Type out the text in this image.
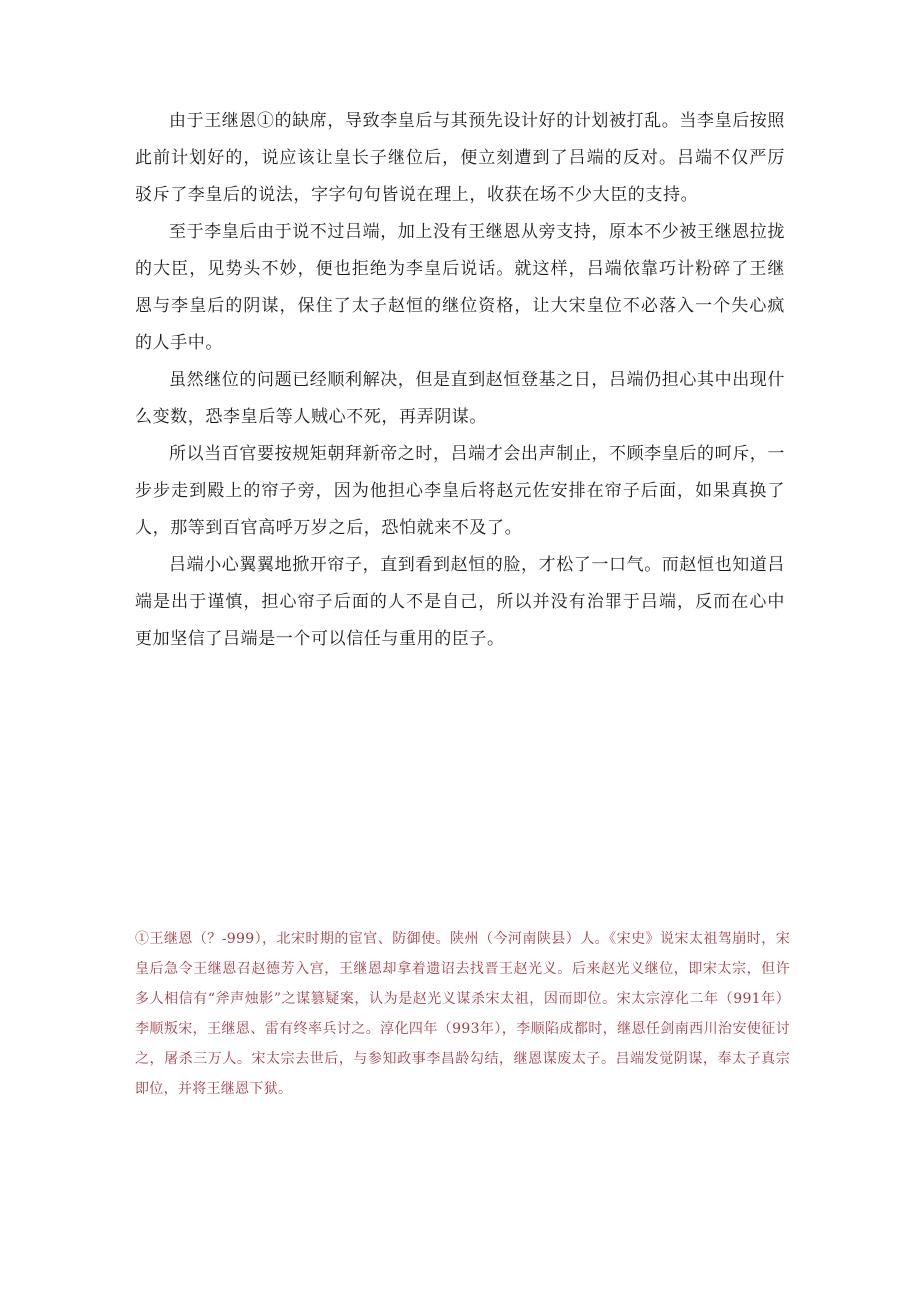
由于王继恩①的缺席，导致李皇后与其预先设计好的计划被打乱。当李皇后按照此前计划好的，说应该让皇长子继位后，便立刻遭到了吕端的反对。吕端不仅严厉驳斥了李皇后的说法，字字句句皆说在理上，收获在场不少大臣的支持。

至于李皇后由于说不过吕端，加上没有王继恩从旁支持，原本不少被王继恩拉拢的大臣，见势头不妙，便也拒绝为李皇后说话。就这样，吕端依靠巧计粉碎了王继恩与李皇后的阴谋，保住了太子赵恒的继位资格，让大宋皇位不必落入一个失心疯的人手中。

虽然继位的问题已经顺利解决，但是直到赵恒登基之日，吕端仍担心其中出现什么变数，恐李皇后等人贼心不死，再弄阴谋。

所以当百官要按规矩朝拜新帝之时，吕端才会出声制止，不顾李皇后的呵斥，一步步走到殿上的帘子旁，因为他担心李皇后将赵元佐安排在帘子后面，如果真换了人，那等到百官高呼万岁之后，恐怕就来不及了。

吕端小心翼翼地掀开帘子，直到看到赵恒的脸，才松了一口气。而赵恒也知道吕端是出于谨慎，担心帘子后面的人不是自己，所以并没有治罪于吕端，反而在心中更加坚信了吕端是一个可以信任与重用的臣子。

①王继恩（？-999），北宋时期的宦官、防御使。陕州（今河南陕县）人。《宋史》说宋太祖驾崩时，宋皇后急令王继恩召赵德芳入宫，王继恩却拿着遗诏去找晋王赵光义。后来赵光义继位，即宋太宗，但许多人相信有“斧声烛影”之谋篡疑案，认为是赵光义谋杀宋太祖，因而即位。宋太宗淳化二年（991年）李顺叛宋，王继恩、雷有终率兵讨之。淳化四年（993年），李顺陷成都时，继恩任剑南西川治安使征讨之，屠杀三万人。宋太宗去世后，与参知政事李昌龄勾结，继恩谋废太子。吕端发觉阴谋，奉太子真宗即位，并将王继恩下狱。
